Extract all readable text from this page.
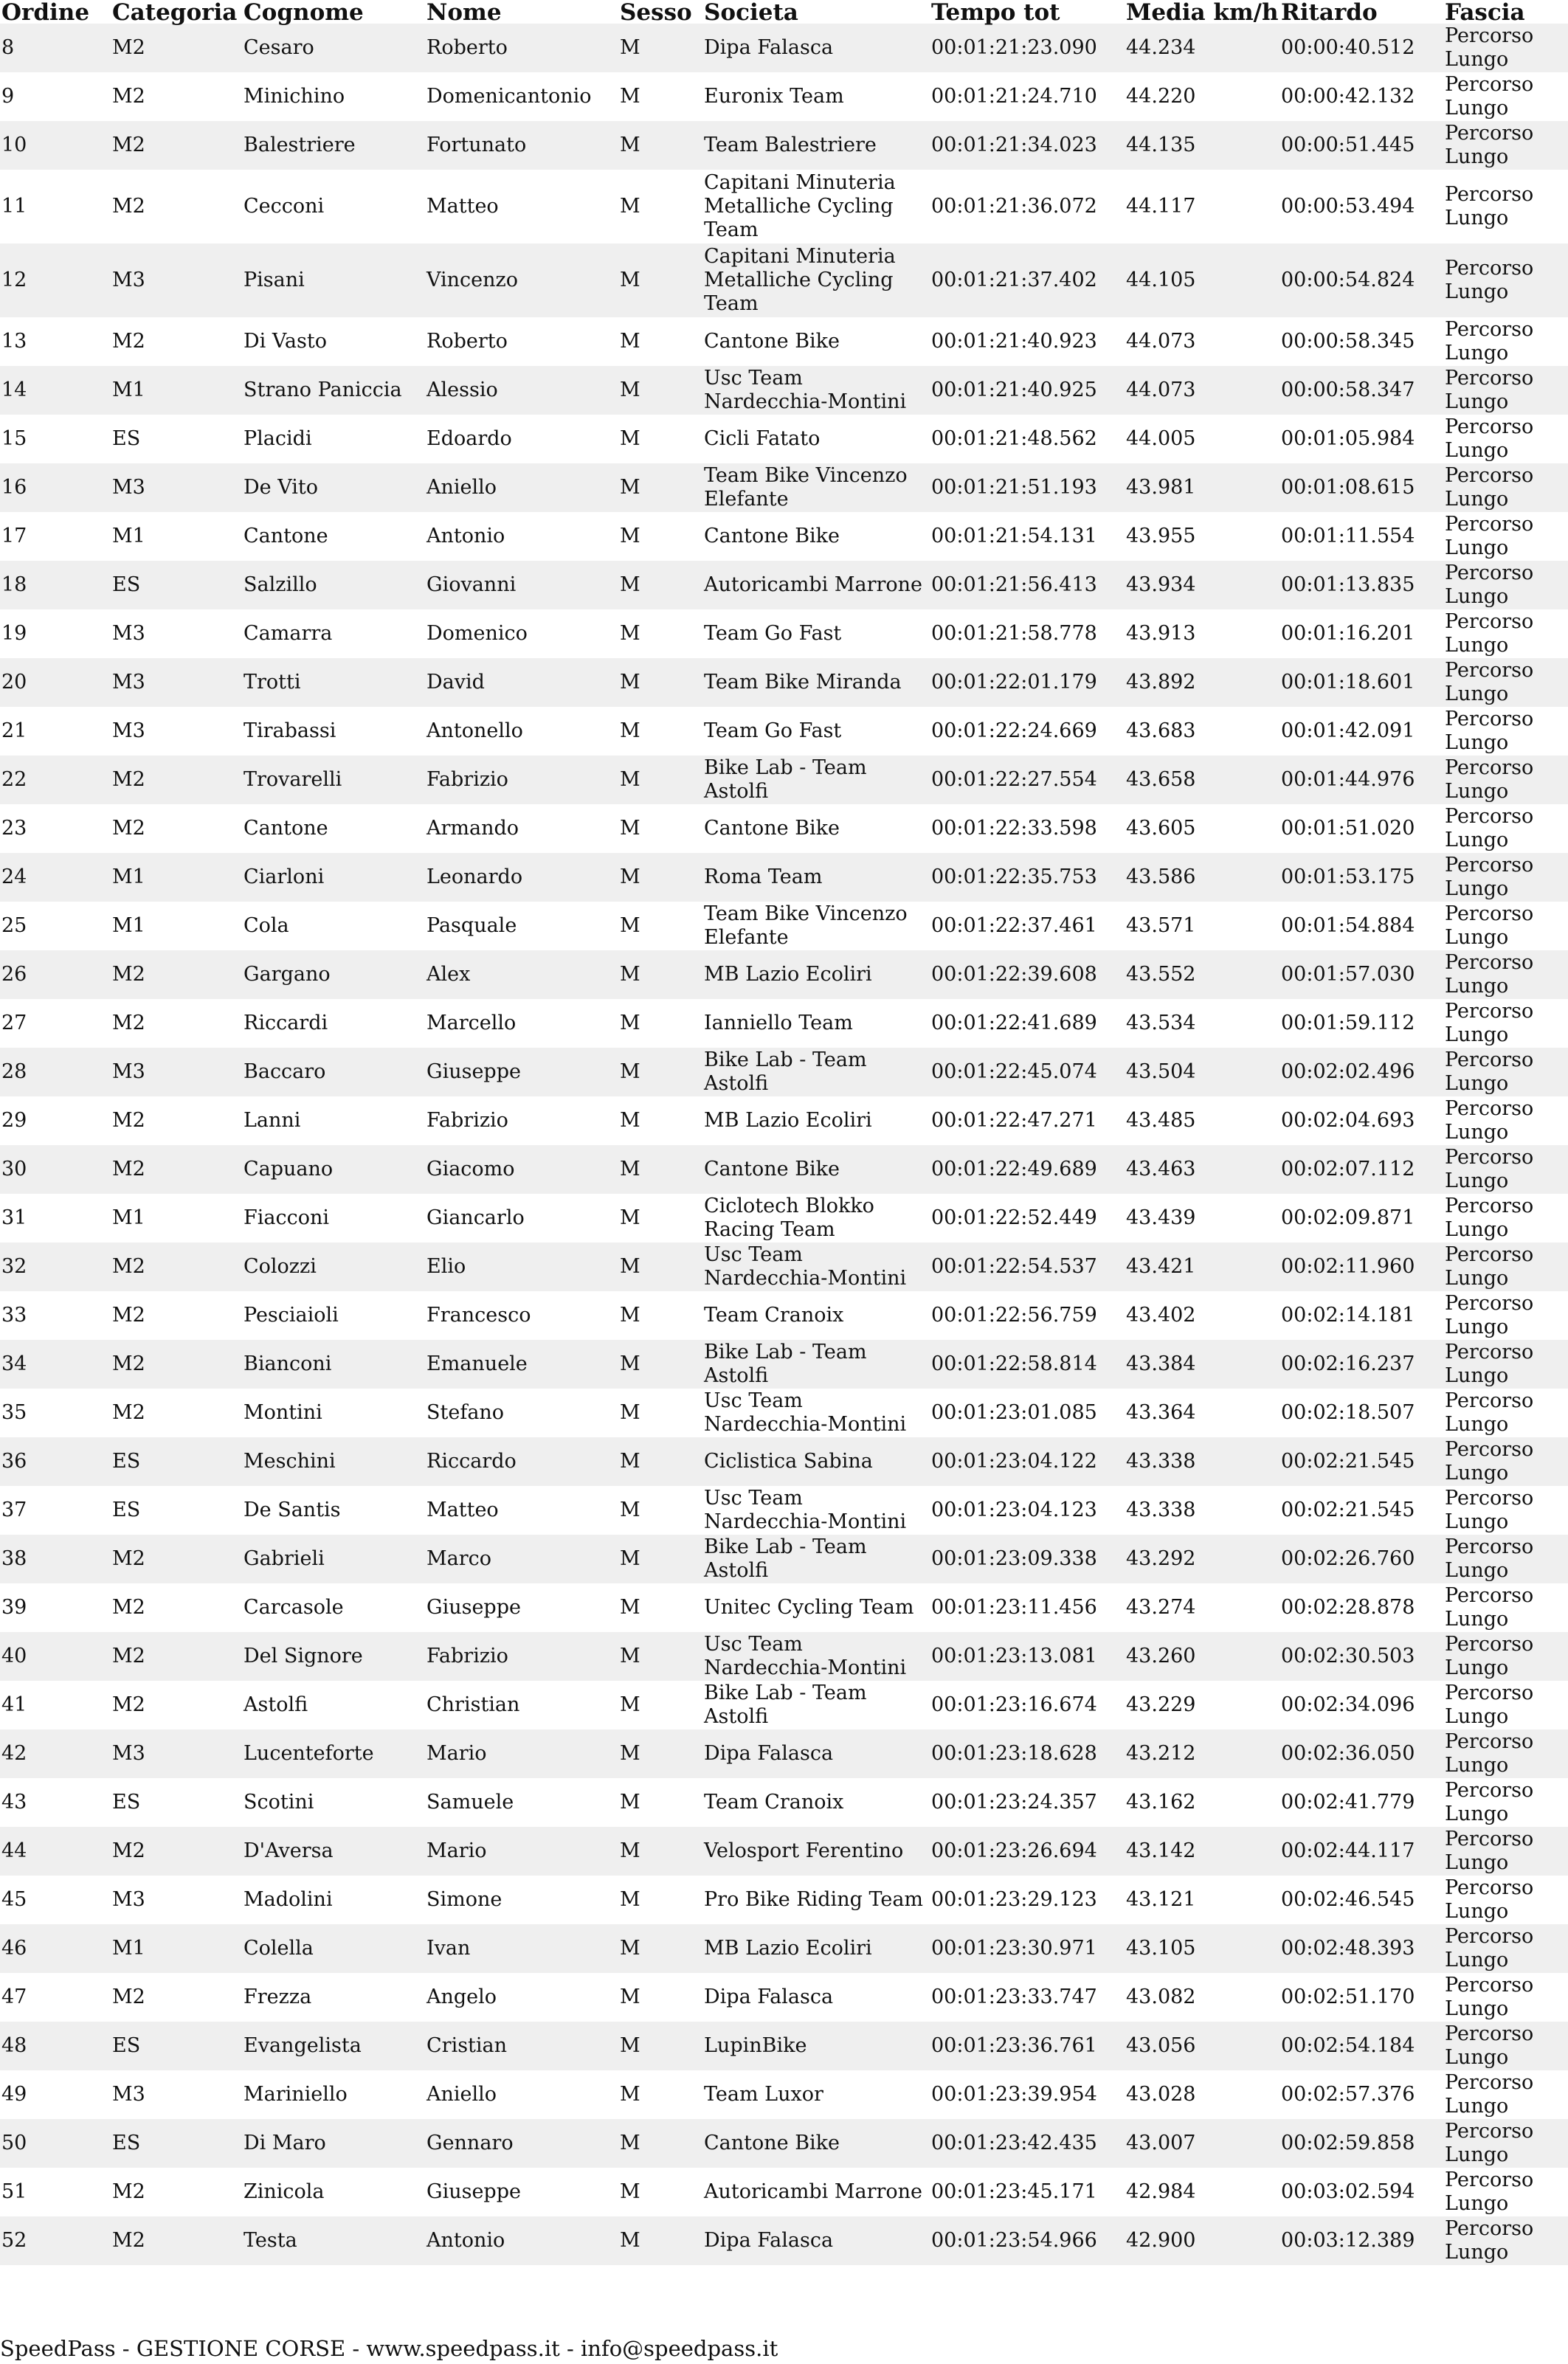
Ordine	Categoria	Cognome	Nome	Sesso	Societa	Tempo tot	Media km/h	Ritardo	Fascia
8	M2	Cesaro	Roberto	M	Dipa Falasca	00:01:21:23.090	44.234	00:00:40.512	Percorso Lungo
9	M2	Minichino	Domenicantonio	M	Euronix Team	00:01:21:24.710	44.220	00:00:42.132	Percorso Lungo
10	M2	Balestriere	Fortunato	M	Team Balestriere	00:01:21:34.023	44.135	00:00:51.445	Percorso Lungo
11	M2	Cecconi	Matteo	M	Capitani Minuteria Metalliche Cycling Team	00:01:21:36.072	44.117	00:00:53.494	Percorso Lungo
12	M3	Pisani	Vincenzo	M	Capitani Minuteria Metalliche Cycling Team	00:01:21:37.402	44.105	00:00:54.824	Percorso Lungo
13	M2	Di Vasto	Roberto	M	Cantone Bike	00:01:21:40.923	44.073	00:00:58.345	Percorso Lungo
14	M1	Strano Paniccia	Alessio	M	Usc Team Nardecchia-Montini	00:01:21:40.925	44.073	00:00:58.347	Percorso Lungo
15	ES	Placidi	Edoardo	M	Cicli Fatato	00:01:21:48.562	44.005	00:01:05.984	Percorso Lungo
16	M3	De Vito	Aniello	M	Team Bike Vincenzo Elefante	00:01:21:51.193	43.981	00:01:08.615	Percorso Lungo
17	M1	Cantone	Antonio	M	Cantone Bike	00:01:21:54.131	43.955	00:01:11.554	Percorso Lungo
18	ES	Salzillo	Giovanni	M	Autoricambi Marrone	00:01:21:56.413	43.934	00:01:13.835	Percorso Lungo
19	M3	Camarra	Domenico	M	Team Go Fast	00:01:21:58.778	43.913	00:01:16.201	Percorso Lungo
20	M3	Trotti	David	M	Team Bike Miranda	00:01:22:01.179	43.892	00:01:18.601	Percorso Lungo
21	M3	Tirabassi	Antonello	M	Team Go Fast	00:01:22:24.669	43.683	00:01:42.091	Percorso Lungo
22	M2	Trovarelli	Fabrizio	M	Bike Lab - Team Astolfi	00:01:22:27.554	43.658	00:01:44.976	Percorso Lungo
23	M2	Cantone	Armando	M	Cantone Bike	00:01:22:33.598	43.605	00:01:51.020	Percorso Lungo
24	M1	Ciarloni	Leonardo	M	Roma Team	00:01:22:35.753	43.586	00:01:53.175	Percorso Lungo
25	M1	Cola	Pasquale	M	Team Bike Vincenzo Elefante	00:01:22:37.461	43.571	00:01:54.884	Percorso Lungo
26	M2	Gargano	Alex	M	MB Lazio Ecoliri	00:01:22:39.608	43.552	00:01:57.030	Percorso Lungo
27	M2	Riccardi	Marcello	M	Ianniello Team	00:01:22:41.689	43.534	00:01:59.112	Percorso Lungo
28	M3	Baccaro	Giuseppe	M	Bike Lab - Team Astolfi	00:01:22:45.074	43.504	00:02:02.496	Percorso Lungo
29	M2	Lanni	Fabrizio	M	MB Lazio Ecoliri	00:01:22:47.271	43.485	00:02:04.693	Percorso Lungo
30	M2	Capuano	Giacomo	M	Cantone Bike	00:01:22:49.689	43.463	00:02:07.112	Percorso Lungo
31	M1	Fiacconi	Giancarlo	M	Ciclotech Blokko Racing Team	00:01:22:52.449	43.439	00:02:09.871	Percorso Lungo
32	M2	Colozzi	Elio	M	Usc Team Nardecchia-Montini	00:01:22:54.537	43.421	00:02:11.960	Percorso Lungo
33	M2	Pesciaioli	Francesco	M	Team Cranoix	00:01:22:56.759	43.402	00:02:14.181	Percorso Lungo
34	M2	Bianconi	Emanuele	M	Bike Lab - Team Astolfi	00:01:22:58.814	43.384	00:02:16.237	Percorso Lungo
35	M2	Montini	Stefano	M	Usc Team Nardecchia-Montini	00:01:23:01.085	43.364	00:02:18.507	Percorso Lungo
36	ES	Meschini	Riccardo	M	Ciclistica Sabina	00:01:23:04.122	43.338	00:02:21.545	Percorso Lungo
37	ES	De Santis	Matteo	M	Usc Team Nardecchia-Montini	00:01:23:04.123	43.338	00:02:21.545	Percorso Lungo
38	M2	Gabrieli	Marco	M	Bike Lab - Team Astolfi	00:01:23:09.338	43.292	00:02:26.760	Percorso Lungo
39	M2	Carcasole	Giuseppe	M	Unitec Cycling Team	00:01:23:11.456	43.274	00:02:28.878	Percorso Lungo
40	M2	Del Signore	Fabrizio	M	Usc Team Nardecchia-Montini	00:01:23:13.081	43.260	00:02:30.503	Percorso Lungo
41	M2	Astolfi	Christian	M	Bike Lab - Team Astolfi	00:01:23:16.674	43.229	00:02:34.096	Percorso Lungo
42	M3	Lucenteforte	Mario	M	Dipa Falasca	00:01:23:18.628	43.212	00:02:36.050	Percorso Lungo
43	ES	Scotini	Samuele	M	Team Cranoix	00:01:23:24.357	43.162	00:02:41.779	Percorso Lungo
44	M2	D'Aversa	Mario	M	Velosport Ferentino	00:01:23:26.694	43.142	00:02:44.117	Percorso Lungo
45	M3	Madolini	Simone	M	Pro Bike Riding Team	00:01:23:29.123	43.121	00:02:46.545	Percorso Lungo
46	M1	Colella	Ivan	M	MB Lazio Ecoliri	00:01:23:30.971	43.105	00:02:48.393	Percorso Lungo
47	M2	Frezza	Angelo	M	Dipa Falasca	00:01:23:33.747	43.082	00:02:51.170	Percorso Lungo
48	ES	Evangelista	Cristian	M	LupinBike	00:01:23:36.761	43.056	00:02:54.184	Percorso Lungo
49	M3	Mariniello	Aniello	M	Team Luxor	00:01:23:39.954	43.028	00:02:57.376	Percorso Lungo
50	ES	Di Maro	Gennaro	M	Cantone Bike	00:01:23:42.435	43.007	00:02:59.858	Percorso Lungo
51	M2	Zinicola	Giuseppe	M	Autoricambi Marrone	00:01:23:45.171	42.984	00:03:02.594	Percorso Lungo
52	M2	Testa	Antonio	M	Dipa Falasca	00:01:23:54.966	42.900	00:03:12.389	Percorso Lungo
SpeedPass - GESTIONE CORSE - www.speedpass.it - info@speedpass.it
